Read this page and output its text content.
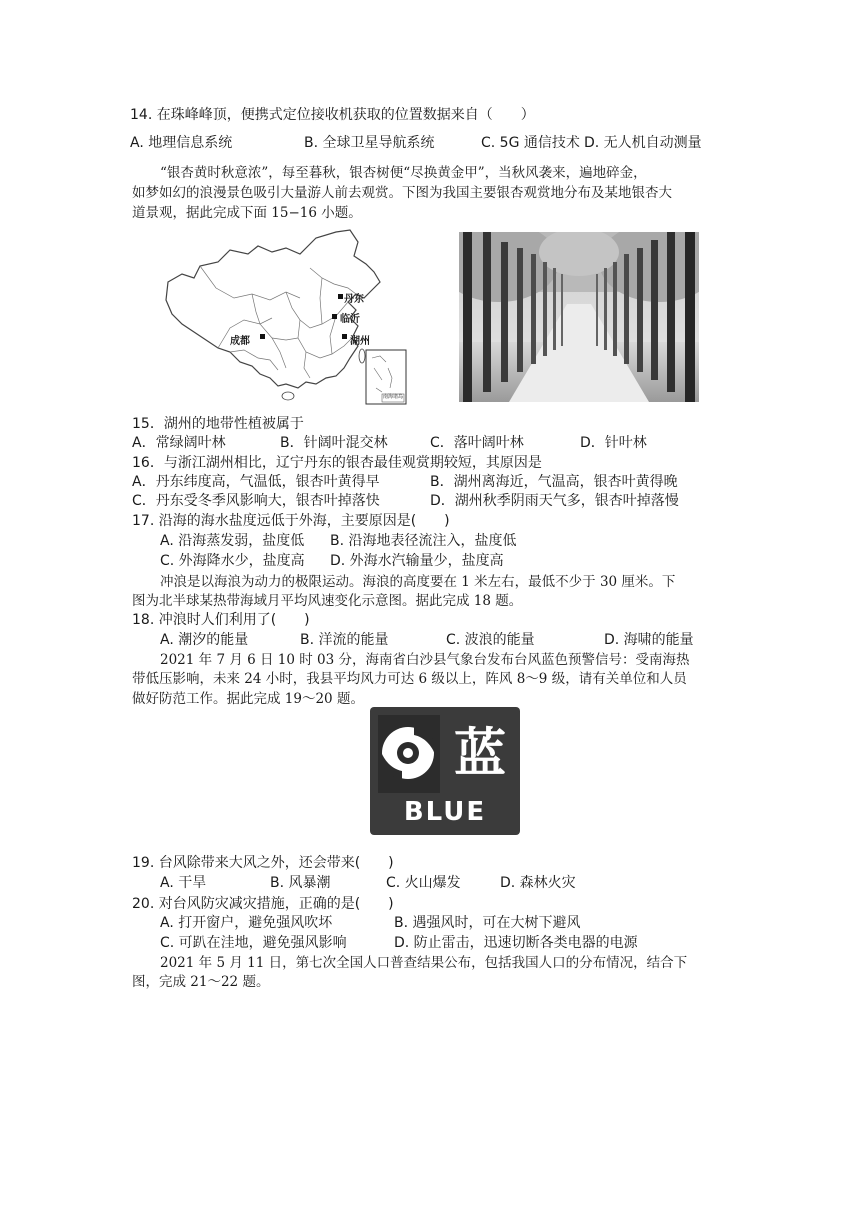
14. 在珠峰峰顶，便携式定位接收机获取的位置数据来自（　　）
A. 地理信息系统	B. 全球卫星导航系统	C. 5G 通信技术 D. 无人机自动测量
“银杏黄时秋意浓”，每至暮秋，银杏树便“尽换黄金甲”，当秋风袭来，遍地碎金，
如梦如幻的浪漫景色吸引大量游人前去观赏。下图为我国主要银杏观赏地分布及某地银杏大
道景观，据此完成下面 15−16 小题。
丹东
临沂
成都	湖州
南海诸岛
15．湖州的地带性植被属于
A．常绿阔叶林	B．针阔叶混交林	C．落叶阔叶林	D．针叶林
16．与浙江湖州相比，辽宁丹东的银杏最佳观赏期较短，其原因是
A．丹东纬度高，气温低，银杏叶黄得早	B．湖州离海近，气温高，银杏叶黄得晚
C．丹东受冬季风影响大，银杏叶掉落快	D．湖州秋季阴雨天气多，银杏叶掉落慢
17. 沿海的海水盐度远低于外海，主要原因是(　　)
A. 沿海蒸发弱，盐度低 B. 沿海地表径流注入，盐度低
C. 外海降水少，盐度高 D. 外海水汽输量少，盐度高
冲浪是以海浪为动力的极限运动。海浪的高度要在 1 米左右，最低不少于 30 厘米。下
图为北半球某热带海域月平均风速变化示意图。据此完成 18 题。
18. 冲浪时人们利用了(　　)
A. 潮汐的能量	B. 洋流的能量	C. 波浪的能量	D. 海啸的能量
2021 年 7 月 6 日 10 时 03 分，海南省白沙县气象台发布台风蓝色预警信号：受南海热
带低压影响，未来 24 小时，我县平均风力可达 6 级以上，阵风 8～9 级，请有关单位和人员
做好防范工作。据此完成 19～20 题。
蓝
BLUE
19. 台风除带来大风之外，还会带来(　　)
A. 干旱	B. 风暴潮	C. 火山爆发	D. 森林火灾
20. 对台风防灾减灾措施，正确的是(　　)
A. 打开窗户，避免强风吹坏	B. 遇强风时，可在大树下避风
C. 可趴在洼地，避免强风影响	D. 防止雷击，迅速切断各类电器的电源
2021 年 5 月 11 日，第七次全国人口普查结果公布，包括我国人口的分布情况，结合下
图，完成 21～22 题。
